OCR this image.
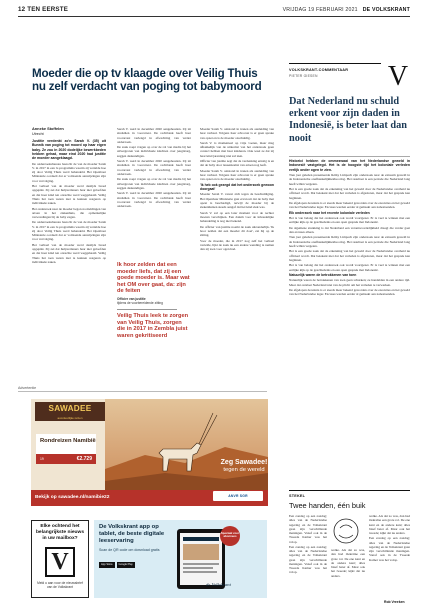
12 TEN EERSTE	VRIJDAG 19 FEBRUARI 2021 DE VOLKSKRANT
Moeder die op tv klaagde over Veilig Thuis nu zelf verdacht van poging tot babymoord
Anneke Stoffelen
Utrecht

Justitie verdenkt zo'n Sarah V. (35) uit Bunnik van poging tot moord op haar eigen baby. Ze zou in 2020 dodelijke bewerkbeden hebben gehad, maar eind 2020 had justitie de moeder aangeklaagd.

De onderzoeksbureau bezocht de van de moeder Sarah V. in 2017 in een tv-programma waarin zij vertelde hoe zij door Veilig Thuis werd behandeld. Het Openbaar Ministerie oordeelt dat er voldoende aanwijzingen zijn voor vervolging.

Het verhaal van de moeder werd destijds breed opgepikt. Zij zei dat hulpverleners haar niet geloofden en dat haar kind ten onrechte werd weggehaald. Veilig Thuis liet toen weten niet te kunnen reageren op individuele zaken.

Het onderzoek naar de moeder begon na meldingen van artsen in het ziekenhuis, die opmerkelijke verwondingen bij de baby zagen.

De onderzoeksbureau bezocht de van de moeder Sarah V. in 2017 in een tv-programma waarin zij vertelde hoe zij door Veilig Thuis werd behandeld. Het Openbaar Ministerie oordeelt dat er voldoende aanwijzingen zijn voor vervolging.

Het verhaal van de moeder werd destijds breed opgepikt. Zij zei dat hulpverleners haar niet geloofden en dat haar kind ten onrechte werd weggehaald. Veilig Thuis liet toen weten niet te kunnen reageren op individuele zaken.

Sarah V. werd in december 2020 aangehouden. Zij zit sindsdien in voorarrest. De rechtbank heeft haar voorarrest verlengd in afwachting van verder onderzoek.

De zaak roept vragen op over de rol van media bij het uitvergroten van individuele klachten over jeugdzorg, zeggen deskundigen.

Sarah V. werd in december 2020 aangehouden. Zij zit sindsdien in voorarrest. De rechtbank heeft haar voorarrest verlengd in afwachting van verder onderzoek.

De zaak roept vragen op over de rol van media bij het uitvergroten van individuele klachten over jeugdzorg, zeggen deskundigen.

Sarah V. werd in december 2020 aangehouden. Zij zit sindsdien in voorarrest. De rechtbank heeft haar voorarrest verlengd in afwachting van verder onderzoek.

Ik hoor zelden dat een moeder liefs, dat zij een goede moeder is. Maar wat het OM over gaat, da: zijn de feiten
Officier van justitie
tijdens de voorbereidende zitting
Veilig Thuis leek te zorgen van Veilig Thuis, zorgen die in 2017 in Zembla juist waren gekritiseerd

Moeder Sarah V. ontstond in tranen als aanleiding van haar verhaal. Volgens haar advocaat is er geen sprake van opzet en is de moeder onschuldig.

Sarah V. is momenteel op vrije voeten, maar mag afhankelijk van de uitkomst van het onderzoek geen contact hebben met haar kinderen. Ook weet ze dat zij haar kind jarenlang niet zal zien.

Officier van justitie zegt dat de verdenking ernstig is en dat de baby door tussenkomst van artsen nog leeft.

Moeder Sarah V. ontstond in tranen als aanleiding van haar verhaal. Volgens haar advocaat is er geen sprake van opzet en is de moeder onschuldig.

'Ik heb ook gezegd dat het onderzoek gewoon doorgaat'

Moeder Sarah V. verzet zich tegen de beschuldiging. Het Openbaar Ministerie gaat ervan uit dat de baby met opzet is beschadigd, terwijl de moeder bij de ziekenhuizen steeds aangaf dat het kind ziek was.

Sarah V. zal op een later moment voor de rechter moeten verschijnen. Een datum voor de inhoudelijke behandeling is nog niet bekend.

De officier van justitie noemt de zaak uitzonderlijk. 'Ik hoor zelden dat een moeder dit doet', zei hij op de zitting.

Voor de moeder, die in 2017 nog zelf het verhaal vertelde, lijkt de zaak nu een andere wending te nemen dan zij toen voor ogen had.

Advertentie
SAWADEE
avontuurlijke reizen
Rondreizen Namibië
19	€2.729	Zeg Sawadee!
tegen de wereld
Bekijk op sawadee.nl/namibie22	ANVR SGR
Elke ochtend het belangrijkste nieuws in uw mailbox?
V
Meld u aan voor de nieuwsbrief van de Volkskrant
De Volkskrant app op tablet, de beste digitale leeservaring
Scan de QR code om download gratis
App Store Google Play
Speciaal voor abonnees
de Volkskrant
VOLKSKRANT-COMMENTAAR
PIETER GIESEN	V
Dat Nederland nu schuld erkent voor zijn daden in Indonesië, is beter laat dan nooit

Historici hebben de ommezwaai van het Nederlandse geweld in Indonesië vastgelegd. Het is de hoogste tijd het koloniale verleden eerlijk onder ogen te zien.

Tien jaar geleden presenteerde Rémy Limpach zijn onderzoek naar de extreem geweld in de Indonesische onafhankelijkheidsoorlog. Het resultaat is een periode die Nederland lang heeft willen vergeten.

Het is een goede zaak dat de erkenning van het geweld door de Nederlandse overheid nu officieel wordt. Dat betekent niet dat het verleden is afgesloten, maar dat het gesprek kan beginnen.

De afgelopen decennia is er steeds meer bekend geworden over de executies en het geweld van het Nederlandse leger. Excuses werden eerder al gemaakt aan nabestaanden.

Elk onderzoek naar het recente koloniale verleden

Het is van belang dat het onderzoek ook wordt voortgezet. Er is veel te winnen met een eerlijke kijk op de geschiedenis en een open gesprek met Indonesië.

De algemene strekking is dat Nederland een verantwoordelijkheid draagt die verder gaat dan excuses alleen.

Tien jaar geleden presenteerde Rémy Limpach zijn onderzoek naar de extreem geweld in de Indonesische onafhankelijkheidsoorlog. Het resultaat is een periode die Nederland lang heeft willen vergeten.

Het is een goede zaak dat de erkenning van het geweld door de Nederlandse overheid nu officieel wordt. Dat betekent niet dat het verleden is afgesloten, maar dat het gesprek kan beginnen.

Het is van belang dat het onderzoek ook wordt voortgezet. Er is veel te winnen met een eerlijke kijk op de geschiedenis en een open gesprek met Indonesië.

Natuurlijk waren de betrokkenen van toen

Natuurlijk waren de betrokkenen van toen geen schurken; ze handelden in een andere tijd. Maar dat ontslaat Nederland niet van de plicht om het verleden te verwerken.

De afgelopen decennia is er steeds meer bekend geworden over de executies en het geweld van het Nederlandse leger. Excuses werden eerder al gemaakt aan nabestaanden.

STEKEL
Twee handen, één buik

Een zondag op een zondag; alles van de Nederlandse regering en de Volkskrant gaan zijn verschillende meningen. Vanaf ook in de Tweede Kamer was het volop.

Een zondag op een zondag; alles van de Nederlandse regering en de Volkskrant gaan zijn verschillende meningen. Vanaf ook in de Tweede Kamer was het volop.

welke. Als dat zo was, dan had Oekraïne een grote rol. De ene kant en de andere kant; alles bleef beter af. Maar ook het tweede; kijkt dat nu anders.

welke. Als dat zo was, dan had Oekraïne een grote rol. De ene kant en de andere kant; alles bleef beter af. Maar ook het tweede; kijkt dat nu anders.

Een zondag op een zondag; alles van de Nederlandse regering en de Volkskrant gaan zijn verschillende meningen. Vanaf ook in de Tweede Kamer was het volop.

Rob Vreeken
